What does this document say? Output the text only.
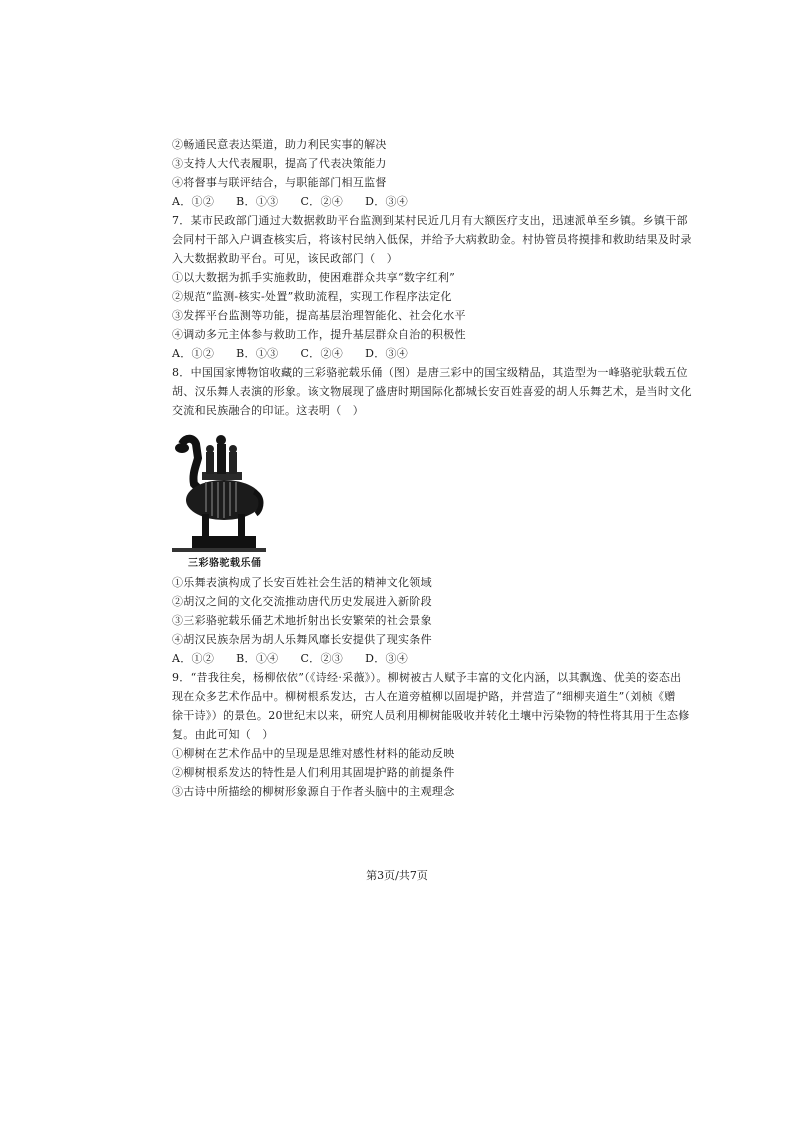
②畅通民意表达渠道，助力利民实事的解决
③支持人大代表履职，提高了代表决策能力
④将督事与联评结合，与职能部门相互监督
A．①② B．①③ C．②④ D．③④
7．某市民政部门通过大数据救助平台监测到某村民近几月有大额医疗支出，迅速派单至乡镇。乡镇干部
会同村干部入户调查核实后，将该村民纳入低保，并给予大病救助金。村协管员将摸排和救助结果及时录
入大数据救助平台。可见，该民政部门（　）
①以大数据为抓手实施救助，使困难群众共享“数字红利”
②规范“监测-核实-处置”救助流程，实现工作程序法定化
③发挥平台监测等功能，提高基层治理智能化、社会化水平
④调动多元主体参与救助工作，提升基层群众自治的积极性
A．①② B．①③ C．②④ D．③④
8．中国国家博物馆收藏的三彩骆驼载乐俑（图）是唐三彩中的国宝级精品，其造型为一峰骆驼驮载五位
胡、汉乐舞人表演的形象。该文物展现了盛唐时期国际化都城长安百姓喜爱的胡人乐舞艺术，是当时文化
交流和民族融合的印证。这表明（　）
三彩骆驼载乐俑
①乐舞表演构成了长安百姓社会生活的精神文化领域
②胡汉之间的文化交流推动唐代历史发展进入新阶段
③三彩骆驼载乐俑艺术地折射出长安繁荣的社会景象
④胡汉民族杂居为胡人乐舞风靡长安提供了现实条件
A．①② B．①④ C．②③ D．③④
9．“昔我往矣，杨柳依依”（《诗经·采薇》）。柳树被古人赋予丰富的文化内涵，以其飘逸、优美的姿态出
现在众多艺术作品中。柳树根系发达，古人在道旁植柳以固堤护路，并营造了“细柳夹道生”（刘桢《赠
徐干诗》）的景色。20世纪末以来，研究人员利用柳树能吸收并转化土壤中污染物的特性将其用于生态修
复。由此可知（　）
①柳树在艺术作品中的呈现是思维对感性材料的能动反映
②柳树根系发达的特性是人们利用其固堤护路的前提条件
③古诗中所描绘的柳树形象源自于作者头脑中的主观理念
第3页/共7页
